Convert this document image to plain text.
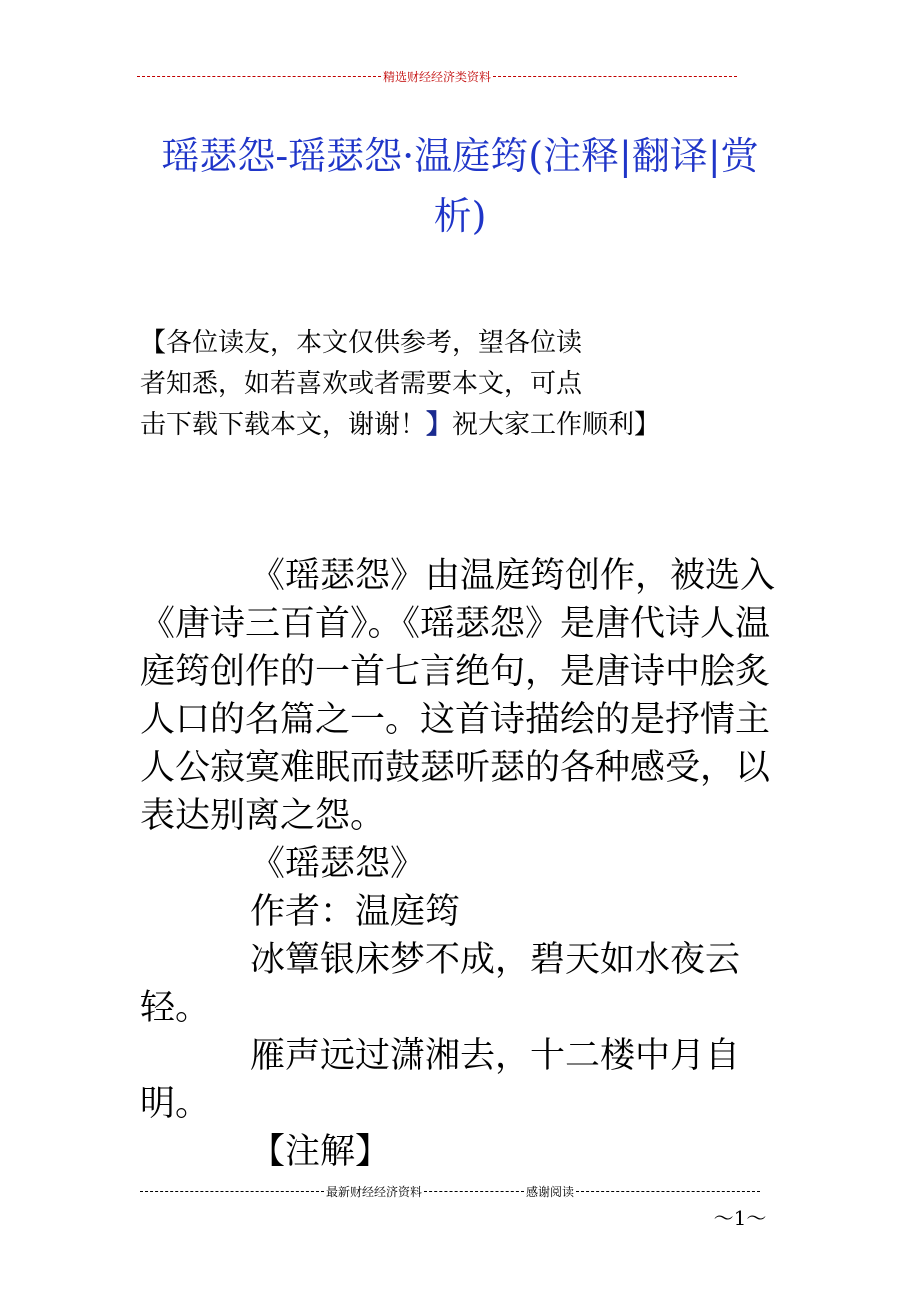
精选财经经济类资料
瑶瑟怨-瑶瑟怨·温庭筠(注释|翻译|赏析)
【各位读友，本文仅供参考，望各位读
者知悉，如若喜欢或者需要本文，可点
击下载下载本文，谢谢！】祝大家工作顺利】

《瑶瑟怨》由温庭筠创作，被选入《唐诗三百首》。《瑶瑟怨》是唐代诗人温庭筠创作的一首七言绝句，是唐诗中脍炙人口的名篇之一。这首诗描绘的是抒情主人公寂寞难眠而鼓瑟听瑟的各种感受，以表达别离之怨。

《瑶瑟怨》

作者：温庭筠

冰簟银床梦不成，碧天如水夜云轻。

雁声远过潇湘去，十二楼中月自明。

【注解】

最新财经经济资料	感谢阅读
～1～
